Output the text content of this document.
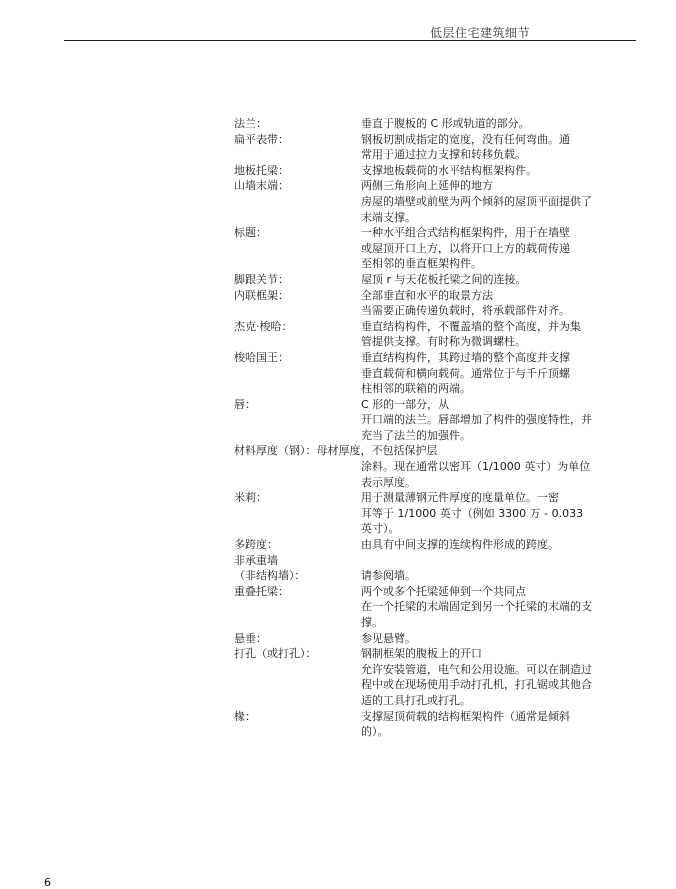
低层住宅建筑细节
法兰：	垂直于腹板的 C 形或轨道的部分。
扁平表带：	钢板切割成指定的宽度，没有任何弯曲。通
常用于通过拉力支撑和转移负载。
地板托梁：	支撑地板载荷的水平结构框架构件。
山墙末端：	两侧三角形向上延伸的地方
房屋的墙壁或前壁为两个倾斜的屋顶平面提供了
末端支撑。
标题：	一种水平组合式结构框架构件，用于在墙壁
或屋顶开口上方，以将开口上方的载荷传递
至相邻的垂直框架构件。
脚跟关节：	屋顶 r 与天花板托梁之间的连接。
内联框架：	全部垂直和水平的取景方法
当需要正确传递负载时，将承载部件对齐。
杰克·梭哈：	垂直结构构件，不覆盖墙的整个高度，并为集
管提供支撑。有时称为微调螺柱。
梭哈国王：	垂直结构构件，其跨过墙的整个高度并支撑
垂直载荷和横向载荷。通常位于与千斤顶螺
柱相邻的联箱的两端。
唇：	C 形的一部分，从
开口端的法兰。唇部增加了构件的强度特性，并
充当了法兰的加强件。
材料厚度（钢）： 母材厚度，不包括保护层
涂料。现在通常以密耳（1/1000 英寸）为单位
表示厚度。
米莉：	用于测量薄钢元件厚度的度量单位。一密
耳等于 1/1000 英寸（例如 3300 万 - 0.033
英寸）。
多跨度：	由具有中间支撑的连续构件形成的跨度。
非承重墙
（非结构墙）：	
请参阅墙。
重叠托梁：	两个或多个托梁延伸到一个共同点
在一个托梁的末端固定到另一个托梁的末端的支
撑。
悬垂：	参见悬臂。
打孔（或打孔）：	钢制框架的腹板上的开口
允许安装管道，电气和公用设施。可以在制造过
程中或在现场使用手动打孔机，打孔锯或其他合
适的工具打孔或打孔。
椽：	支撑屋顶荷载的结构框架构件（通常是倾斜
的）。
6
